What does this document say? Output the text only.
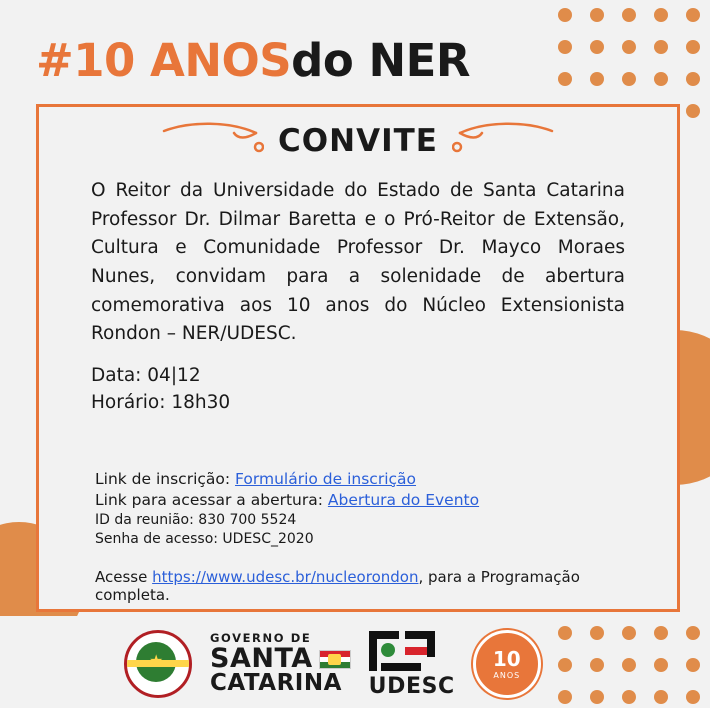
#10 ANOSdo NER
CONVITE

O Reitor da Universidade do Estado de Santa Catarina Professor Dr. Dilmar Baretta e o Pró-Reitor de Extensão, Cultura e Comunidade Professor Dr. Mayco Moraes Nunes, convidam para a solenidade de abertura comemorativa aos 10 anos do Núcleo Extensionista Rondon – NER/UDESC.

Data: 04|12
Horário: 18h30
Link de inscrição: Formulário de inscrição
Link para acessar a abertura: Abertura do Evento
ID da reunião: 830 700 5524
Senha de acesso: UDESC_2020
Acesse https://www.udesc.br/nucleorondon, para a Programação completa.
★
GOVERNO DE
SANTA
CATARINA	UDESC
10
ANOS
